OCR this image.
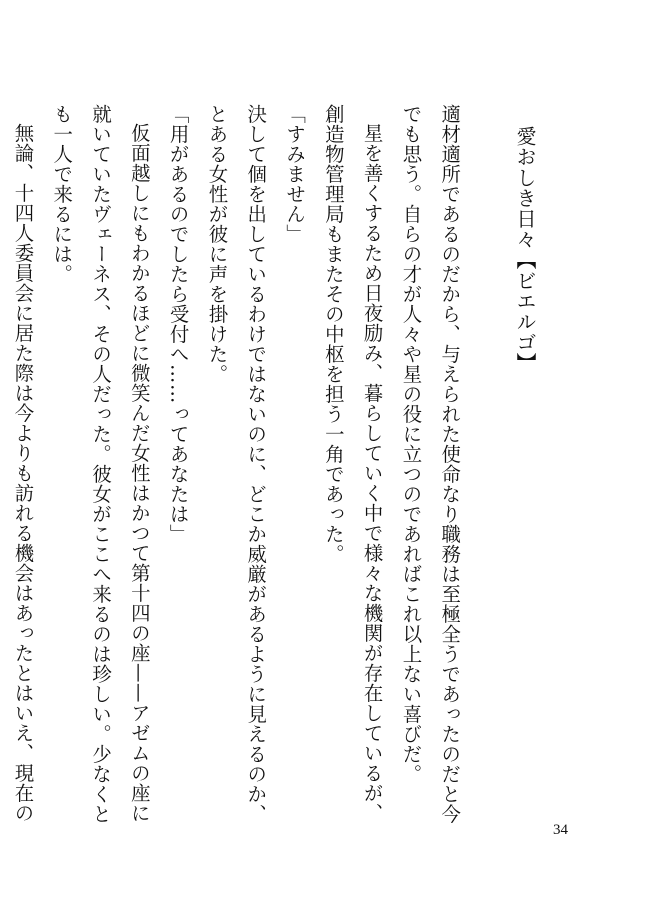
愛おしき日々【ビエルゴ】

適材適所であるのだから、与えられた使命なり職務は至極全うであったのだと今でも思う。自らの才が人々や星の役に立つのであればこれ以上ない喜びだ。

星を善くするため日夜励み、暮らしていく中で様々な機関が存在しているが、創造物管理局もまたその中枢を担う一角であった。

「すみません」

決して個を出しているわけではないのに、どこか威厳があるように見えるのか、とある女性が彼に声を掛けた。

「用があるのでしたら受付へ……ってあなたは」

仮面越しにもわかるほどに微笑んだ女性はかつて第十四の座——アゼムの座に就いていたヴェーネス、その人だった。彼女がここへ来るのは珍しい。少なくとも一人で来るには。

無論、十四人委員会に居た際は今よりも訪れる機会はあったとはいえ、現在の

34
